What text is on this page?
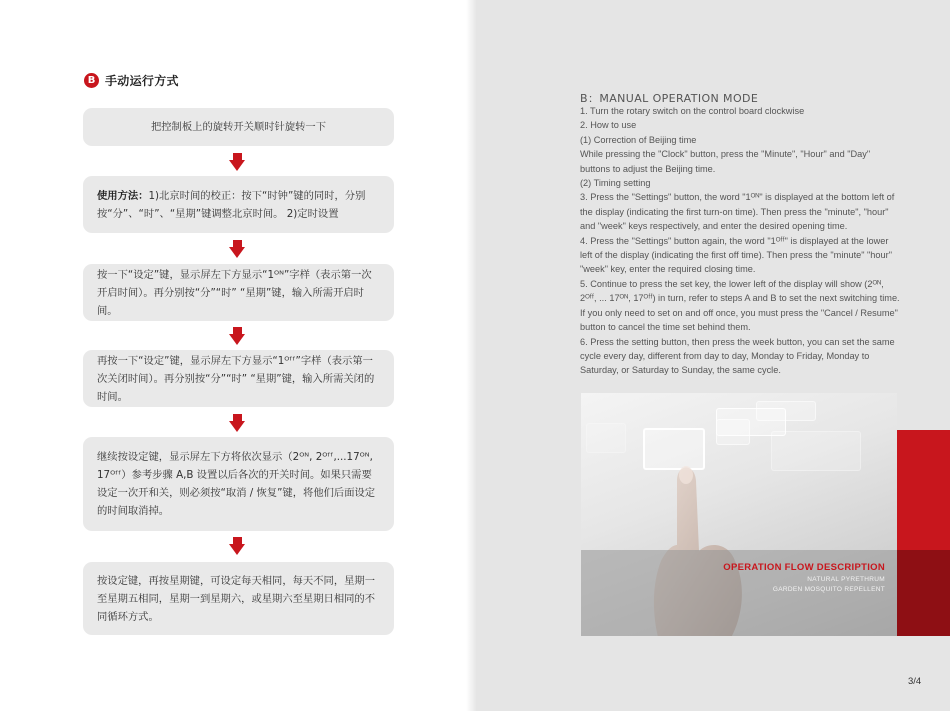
B 手动运行方式
把控制板上的旋转开关顺时针旋转一下
使用方法：1)北京时间的校正：按下“时钟”键的同时，分别按“分”、“时”、“星期”键调整北京时间。 2)定时设置
按一下“设定”键，显示屏左下方显示“1ᴼᴺ”字样（表示第一次开启时间）。再分别按“分”“时” “星期”键，输入所需开启时间。
再按一下“设定”键，显示屏左下方显示“1ᴼᶠᶠ”字样（表示第一次关闭时间）。再分别按“分”“时” “星期”键，输入所需关闭的时间。
继续按设定键，显示屏左下方将依次显示（2ᴼᴺ, 2ᴼᶠᶠ,...17ᴼᴺ, 17ᴼᶠᶠ）参考步骤 A,B 设置以后各次的开关时间。如果只需要设定一次开和关，则必须按“取消 / 恢复”键，将他们后面设定的时间取消掉。
按设定键，再按星期键，可设定每天相同，每天不同，星期一至星期五相同，星期一到星期六，或星期六至星期日相同的不同循环方式。
B：MANUAL OPERATION MODE

1. Turn the rotary switch on the control board clockwise

2. How to use

(1) Correction of Beijing time

While pressing the "Clock" button, press the "Minute", "Hour" and "Day" buttons to adjust the Beijing time.

(2) Timing setting

3. Press the "Settings" button, the word "1ᴼᴺ" is displayed at the bottom left of the display (indicating the first turn-on time). Then press the "minute", "hour" and "week" keys respectively, and enter the desired opening time.

4. Press the "Settings" button again, the word "1ᴼᶠᶠ" is displayed at the lower left of the display (indicating the first off time). Then press the "minute" "hour" "week" key, enter the required closing time.

5. Continue to press the set key, the lower left of the display will show (2ᴼᴺ, 2ᴼᶠᶠ, ... 17ᴼᴺ, 17ᴼᶠᶠ) in turn, refer to steps A and B to set the next switching time. If you only need to set on and off once, you must press the "Cancel / Resume" button to cancel the time set behind them.

6. Press the setting button, then press the week button, you can set the same cycle every day, different from day to day, Monday to Friday, Monday to Saturday, or Saturday to Sunday, the same cycle.

OPERATION FLOW DESCRIPTION
NATURAL PYRETHRUM
GARDEN MOSQUITO REPELLENT
3/4
